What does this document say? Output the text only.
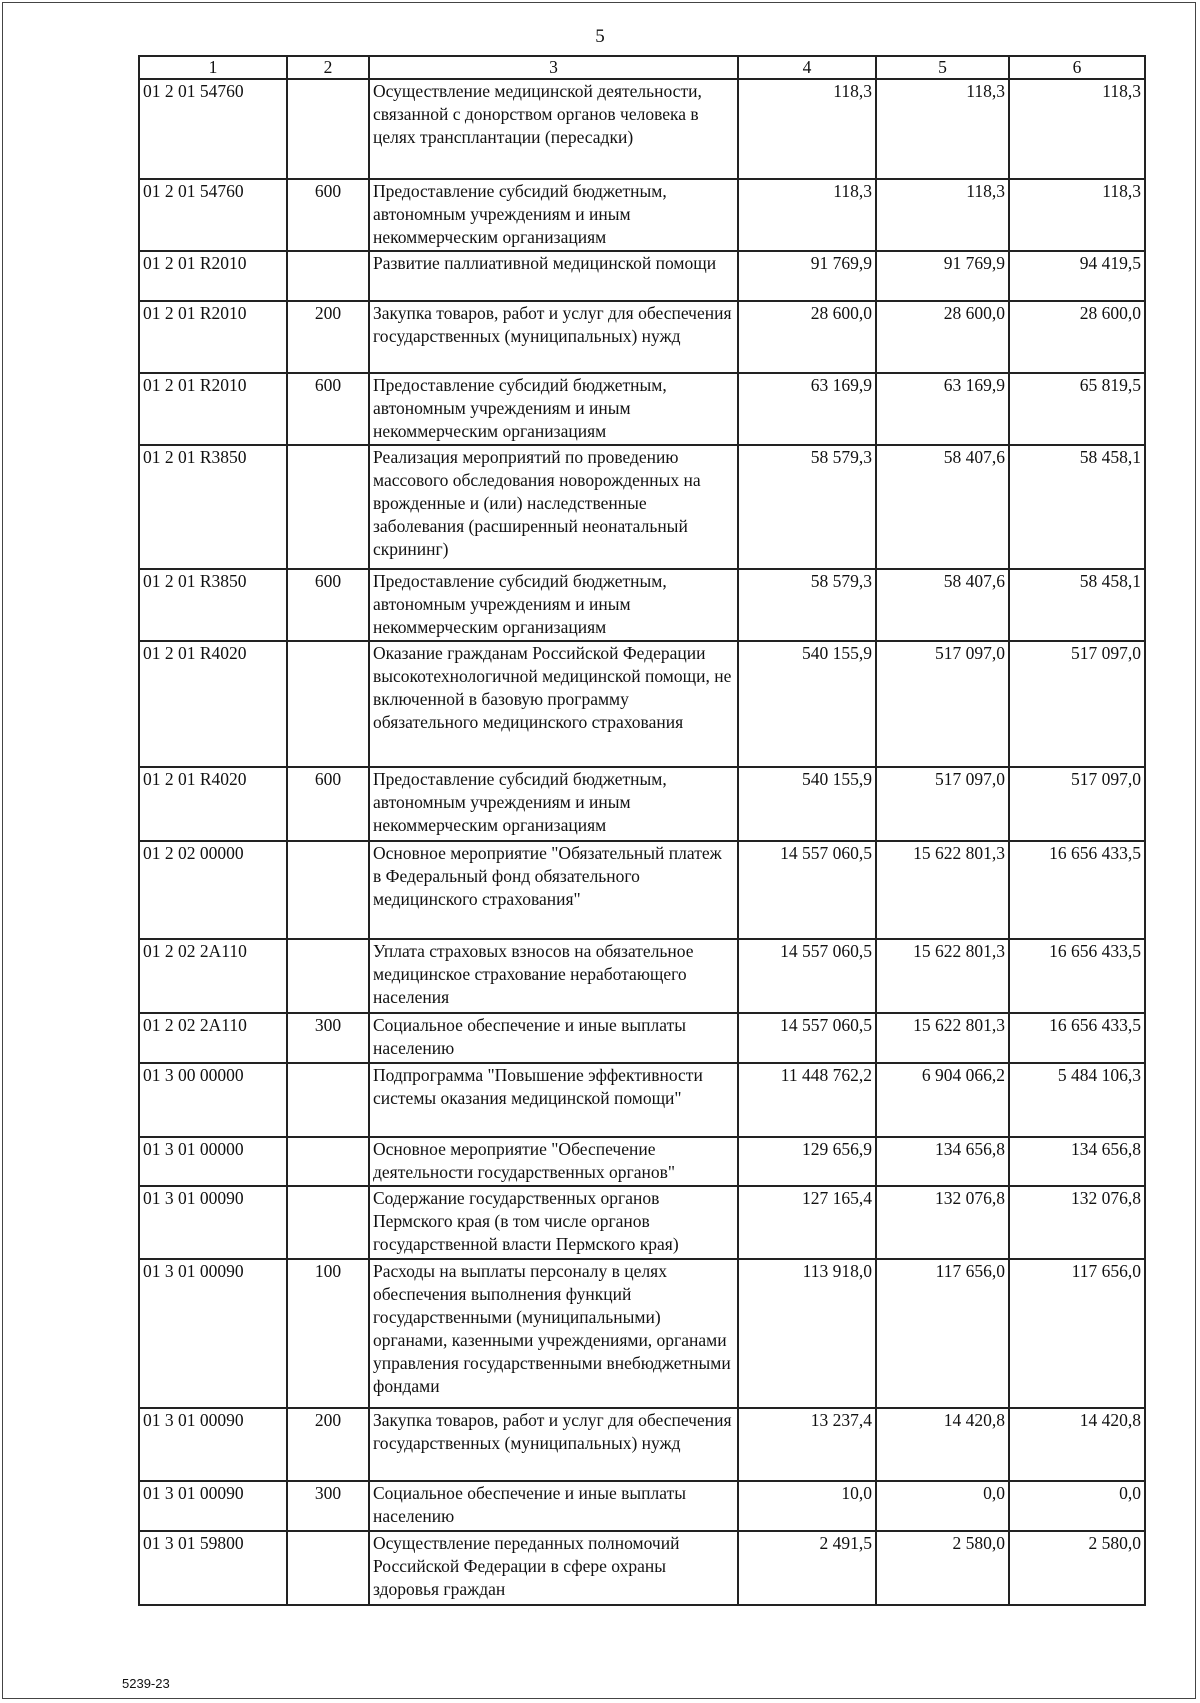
5
1	2	3	4	5	6
01 2 01 54760		Осуществление медицинской деятельности, связанной с донорством органов человека в целях трансплантации (пересадки)	118,3	118,3	118,3
01 2 01 54760	600	Предоставление субсидий бюджетным, автономным учреждениям и иным некоммерческим организациям	118,3	118,3	118,3
01 2 01 R2010		Развитие паллиативной медицинской помощи	91 769,9	91 769,9	94 419,5
01 2 01 R2010	200	Закупка товаров, работ и услуг для обеспечения государственных (муниципальных) нужд	28 600,0	28 600,0	28 600,0
01 2 01 R2010	600	Предоставление субсидий бюджетным, автономным учреждениям и иным некоммерческим организациям	63 169,9	63 169,9	65 819,5
01 2 01 R3850		Реализация мероприятий по проведению массового обследования новорожденных на врожденные и (или) наследственные заболевания (расширенный неонатальный скрининг)	58 579,3	58 407,6	58 458,1
01 2 01 R3850	600	Предоставление субсидий бюджетным, автономным учреждениям и иным некоммерческим организациям	58 579,3	58 407,6	58 458,1
01 2 01 R4020		Оказание гражданам Российской Федерации высокотехнологичной медицинской помощи, не включенной в базовую программу обязательного медицинского страхования	540 155,9	517 097,0	517 097,0
01 2 01 R4020	600	Предоставление субсидий бюджетным, автономным учреждениям и иным некоммерческим организациям	540 155,9	517 097,0	517 097,0
01 2 02 00000		Основное мероприятие "Обязательный платеж в Федеральный фонд обязательного медицинского страхования"	14 557 060,5	15 622 801,3	16 656 433,5
01 2 02 2A110		Уплата страховых взносов на обязательное медицинское страхование неработающего населения	14 557 060,5	15 622 801,3	16 656 433,5
01 2 02 2A110	300	Социальное обеспечение и иные выплаты населению	14 557 060,5	15 622 801,3	16 656 433,5
01 3 00 00000		Подпрограмма "Повышение эффективности системы оказания медицинской помощи"	11 448 762,2	6 904 066,2	5 484 106,3
01 3 01 00000		Основное мероприятие "Обеспечение деятельности государственных органов"	129 656,9	134 656,8	134 656,8
01 3 01 00090		Содержание государственных органов Пермского края (в том числе органов государственной власти Пермского края)	127 165,4	132 076,8	132 076,8
01 3 01 00090	100	Расходы на выплаты персоналу в целях обеспечения выполнения функций государственными (муниципальными) органами, казенными учреждениями, органами управления государственными внебюджетными фондами	113 918,0	117 656,0	117 656,0
01 3 01 00090	200	Закупка товаров, работ и услуг для обеспечения государственных (муниципальных) нужд	13 237,4	14 420,8	14 420,8
01 3 01 00090	300	Социальное обеспечение и иные выплаты населению	10,0	0,0	0,0
01 3 01 59800		Осуществление переданных полномочий Российской Федерации в сфере охраны здоровья граждан	2 491,5	2 580,0	2 580,0
5239-23
